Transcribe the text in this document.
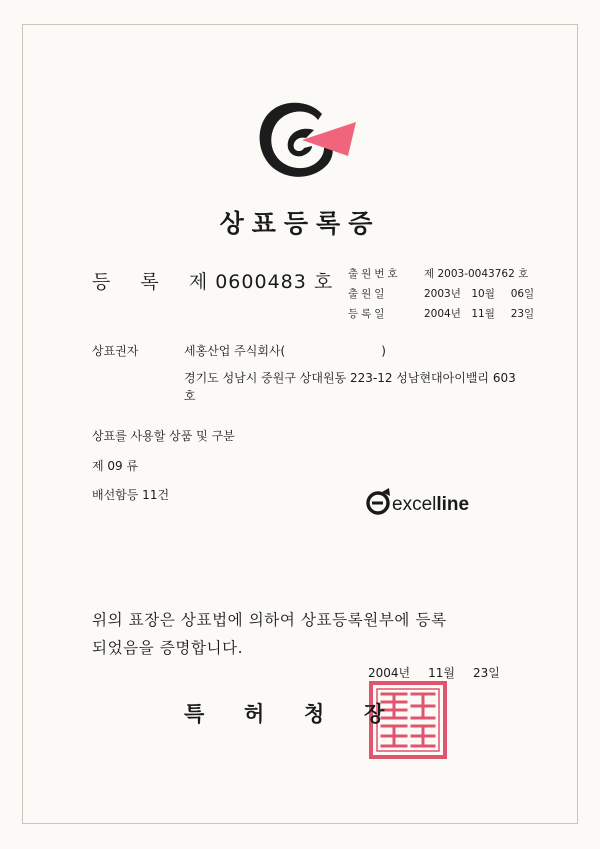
상표등록증
등 록 제 0600483 호 출원번호	제 2003-0043762 호
출원일	2003년 10월 06일
등록일	2004년 11월 23일
상표권자	세홍산업 주식회사(	)
경기도 성남시 중원구 상대원동 223-12 성남현대아이밸리 603호
상표를 사용할 상품 및 구분
제 09 류
배선함등 11건	excelline
위의 표장은 상표법에 의하여 상표등록원부에 등록
되었음을 증명합니다.
2004년 11월 23일
특 허 청 장
